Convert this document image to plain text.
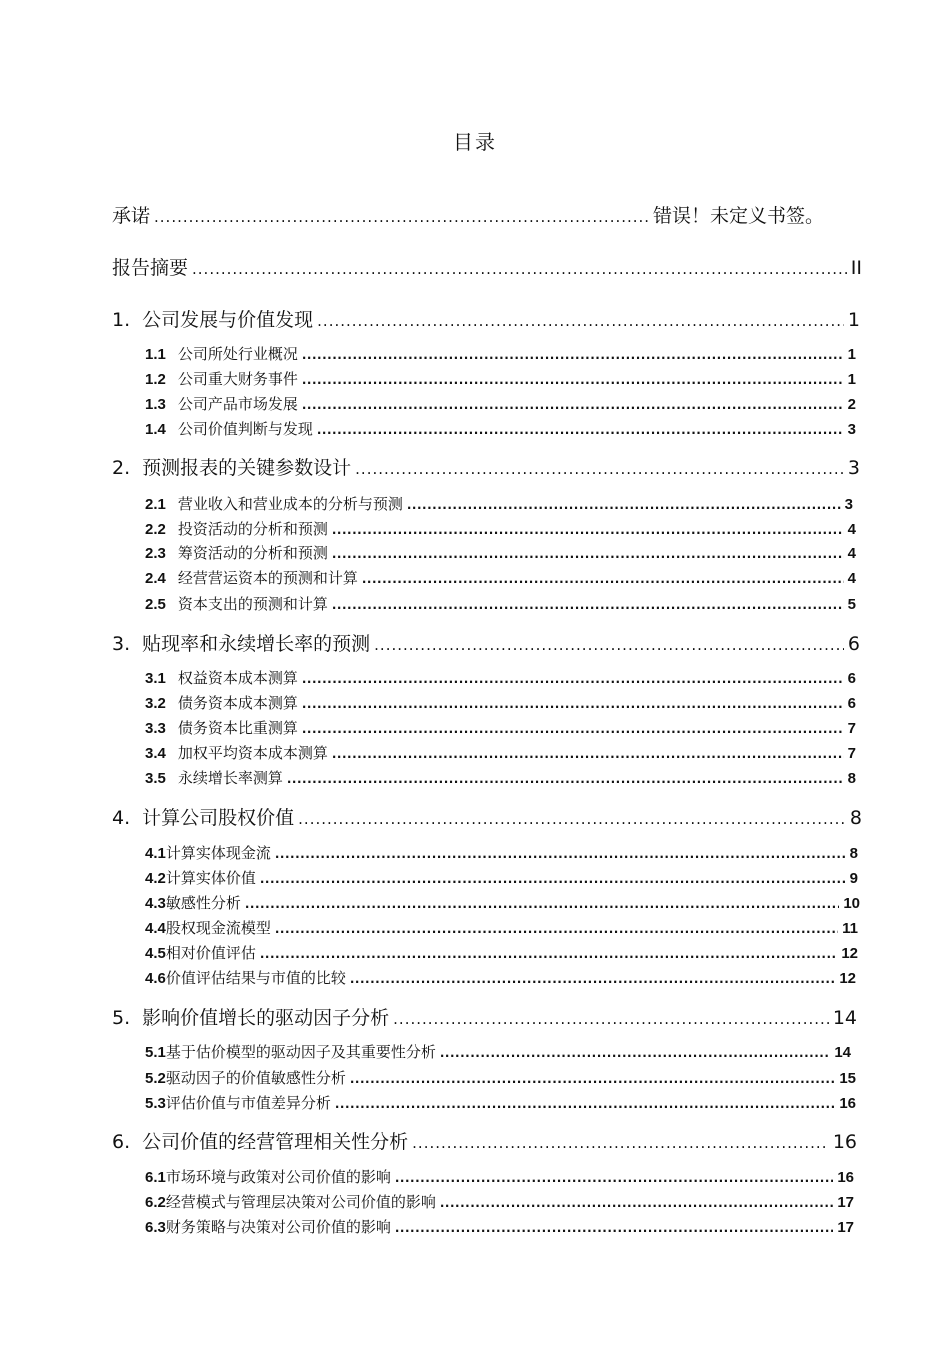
目录
承诺 .....	错误！未定义书签。
报告摘要 .....	II
1. 公司发展与价值发现 .....	1
1.1 公司所处行业概况 .....	1
1.2 公司重大财务事件 .....	1
1.3 公司产品市场发展 .....	2
1.4 公司价值判断与发现 .....	3
2. 预测报表的关键参数设计 .....	3
2.1 营业收入和营业成本的分析与预测 .....	3
2.2 投资活动的分析和预测 .....	4
2.3 筹资活动的分析和预测 .....	4
2.4 经营营运资本的预测和计算 .....	4
2.5 资本支出的预测和计算 .....	5
3. 贴现率和永续增长率的预测 .....	6
3.1 权益资本成本测算 .....	6
3.2 债务资本成本测算 .....	6
3.3 债务资本比重测算 .....	7
3.4 加权平均资本成本测算 .....	7
3.5 永续增长率测算 .....	8
4. 计算公司股权价值 .....	8
4.1计算实体现金流 .....	8
4.2计算实体价值 .....	9
4.3敏感性分析 .....	10
4.4股权现金流模型 .....	11
4.5相对价值评估 .....	12
4.6价值评估结果与市值的比较 .....	12
5. 影响价值增长的驱动因子分析 .....	14
5.1基于估价模型的驱动因子及其重要性分析 .....	14
5.2驱动因子的价值敏感性分析 .....	15
5.3评估价值与市值差异分析 .....	16
6. 公司价值的经营管理相关性分析 .....	16
6.1市场环境与政策对公司价值的影响 .....	16
6.2经营模式与管理层决策对公司价值的影响 .....	17
6.3财务策略与决策对公司价值的影响 .....	17
